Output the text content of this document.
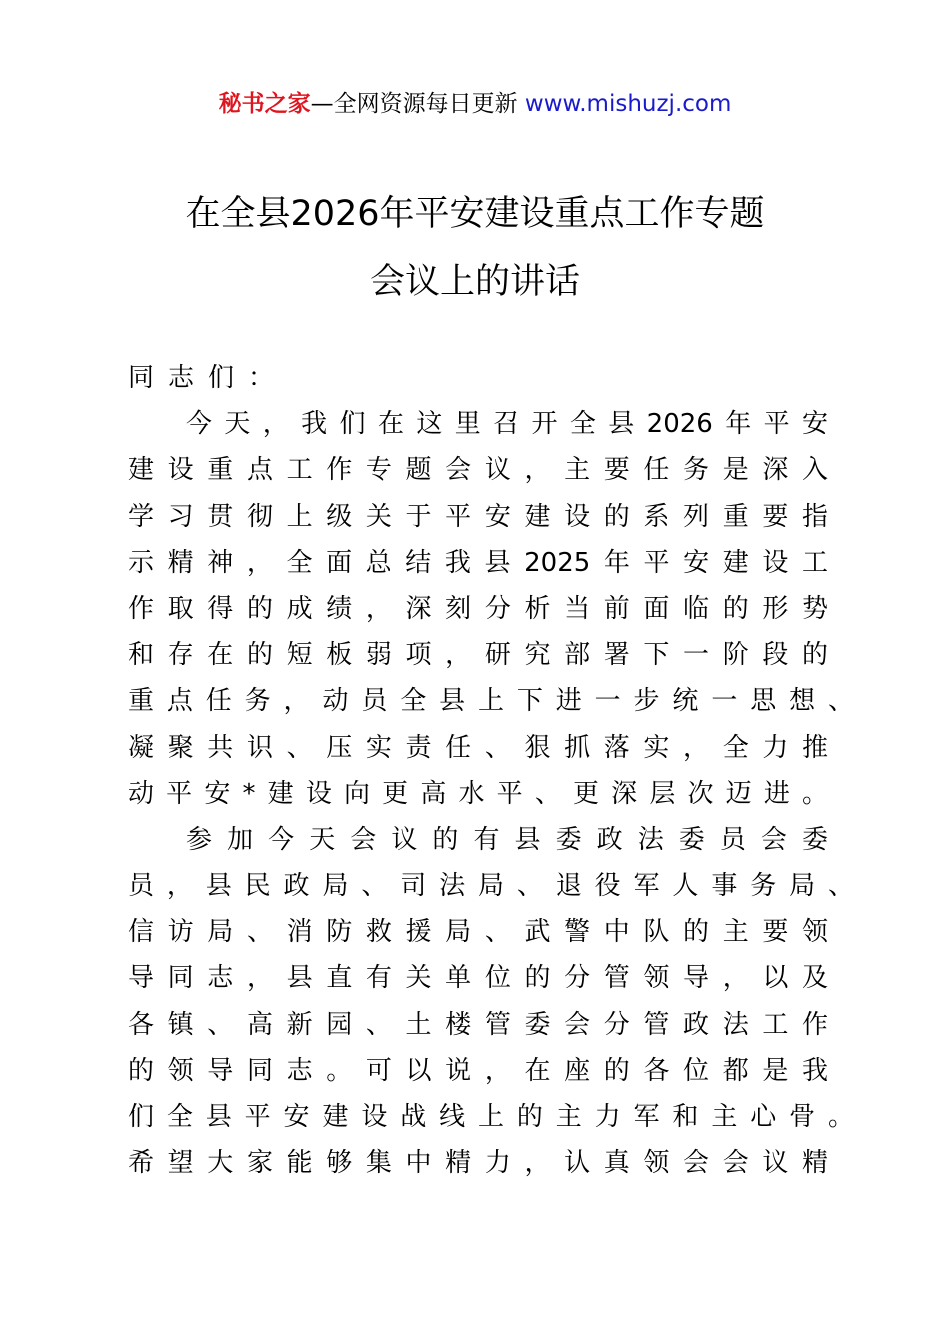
秘书之家—全网资源每日更新 www.mishuzj.com
在全县2026年平安建设重点工作专题
会议上的讲话
同志们：
今天，我们在这里召开全县2026年平安
建设重点工作专题会议，主要任务是深入
学习贯彻上级关于平安建设的系列重要指
示精神，全面总结我县2025年平安建设工
作取得的成绩，深刻分析当前面临的形势
和存在的短板弱项，研究部署下一阶段的
重点任务，动员全县上下进一步统一思想、
凝聚共识、压实责任、狠抓落实，全力推
动平安*建设向更高水平、更深层次迈进。
参加今天会议的有县委政法委员会委
员，县民政局、司法局、退役军人事务局、
信访局、消防救援局、武警中队的主要领
导同志，县直有关单位的分管领导，以及
各镇、高新园、土楼管委会分管政法工作
的领导同志。可以说，在座的各位都是我
们全县平安建设战线上的主力军和主心骨。
希望大家能够集中精力，认真领会会议精
